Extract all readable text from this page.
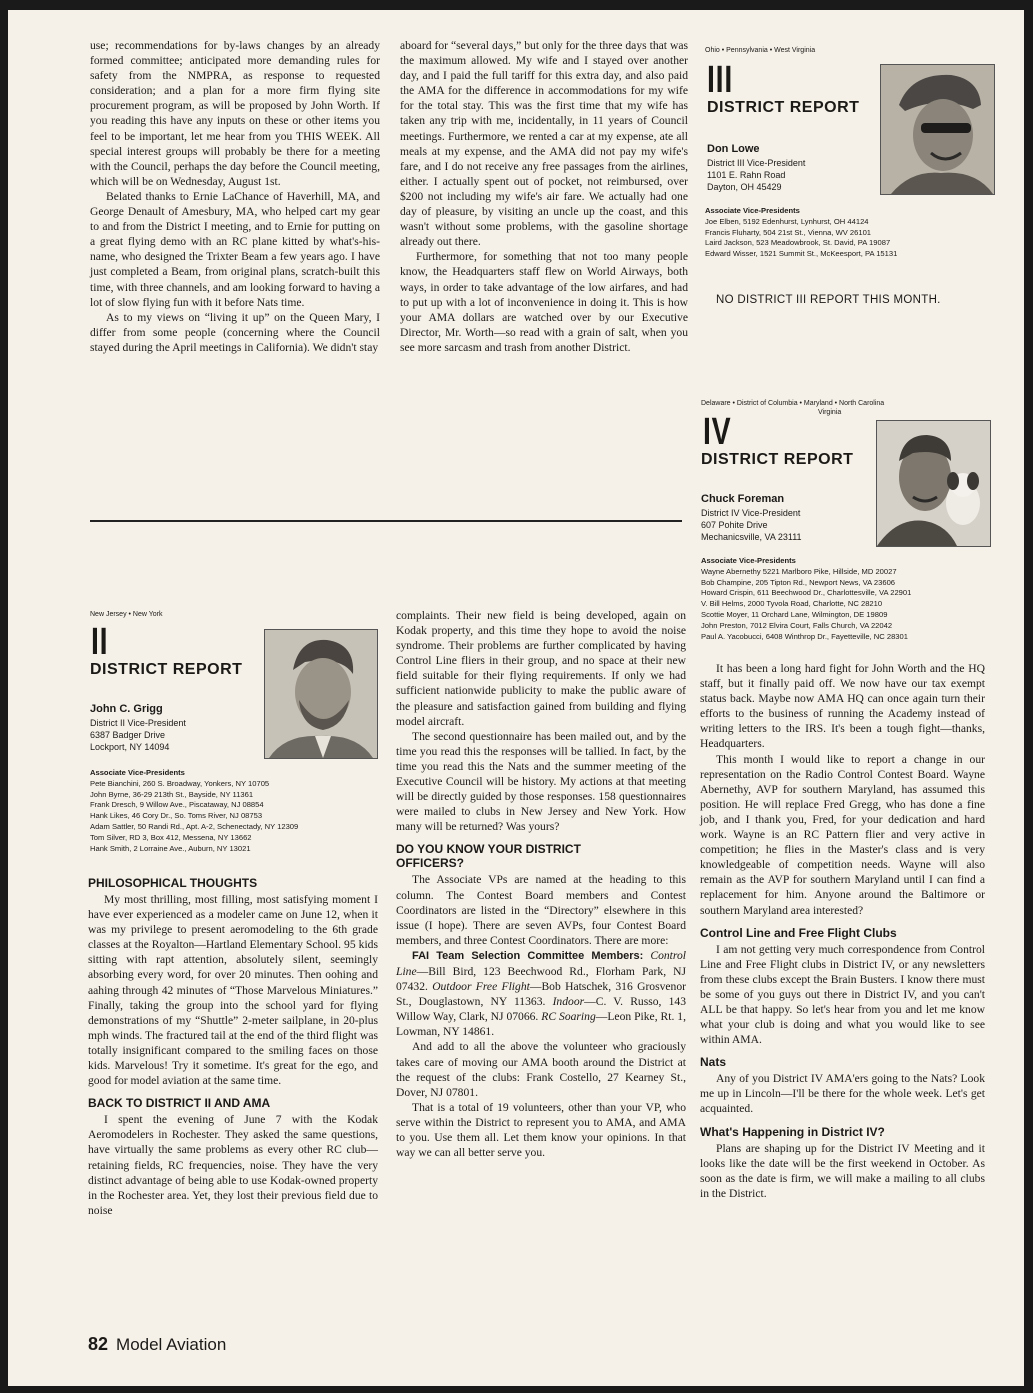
use; recommendations for by-laws changes by an already formed committee; anticipated more demanding rules for safety from the NMPRA, as response to requested consideration; and a plan for a more firm flying site procurement program, as will be proposed by John Worth. If you reading this have any inputs on these or other items you feel to be important, let me hear from you THIS WEEK. All special interest groups will probably be there for a meeting with the Council, perhaps the day before the Council meeting, which will be on Wednesday, August 1st.

Belated thanks to Ernie LaChance of Haverhill, MA, and George Denault of Amesbury, MA, who helped cart my gear to and from the District I meeting, and to Ernie for putting on a great flying demo with an RC plane kitted by what's-his-name, who designed the Trixter Beam a few years ago. I have just completed a Beam, from original plans, scratch-built this time, with three channels, and am looking forward to having a lot of slow flying fun with it before Nats time.

As to my views on “living it up” on the Queen Mary, I differ from some people (concerning where the Council stayed during the April meetings in California). We didn't stay

aboard for “several days,” but only for the three days that was the maximum allowed. My wife and I stayed over another day, and I paid the full tariff for this extra day, and also paid the AMA for the difference in accommodations for my wife for the total stay. This was the first time that my wife has taken any trip with me, incidentally, in 11 years of Council meetings. Furthermore, we rented a car at my expense, ate all meals at my expense, and the AMA did not pay my wife's fare, and I do not receive any free passages from the airlines, either. I actually spent out of pocket, not reimbursed, over $200 not including my wife's air fare. We actually had one day of pleasure, by visiting an uncle up the coast, and this wasn't without some problems, with the gasoline shortage already out there.

Furthermore, for something that not too many people know, the Headquarters staff flew on World Airways, both ways, in order to take advantage of the low airfares, and had to put up with a lot of inconvenience in doing it. This is how your AMA dollars are watched over by our Executive Director, Mr. Worth—so read with a grain of salt, when you see more sarcasm and trash from another District.

Ohio • Pennsylvania • West Virginia
III
DISTRICT REPORT
Don Lowe
District III Vice-President
1101 E. Rahn Road
Dayton, OH 45429
Associate Vice-Presidents
Joe Elben, 5192 Edenhurst, Lynhurst, OH 44124
Francis Fluharty, 504 21st St., Vienna, WV 26101
Laird Jackson, 523 Meadowbrook, St. David, PA 19087
Edward Wisser, 1521 Summit St., McKeesport, PA 15131
NO DISTRICT III REPORT THIS MONTH.
Delaware • District of Columbia • Maryland • North Carolina
Virginia
IV
DISTRICT REPORT
Chuck Foreman
District IV Vice-President
607 Pohite Drive
Mechanicsville, VA 23111
Associate Vice-Presidents
Wayne Abernethy 5221 Marlboro Pike, Hillside, MD 20027
Bob Champine, 205 Tipton Rd., Newport News, VA 23606
Howard Crispin, 611 Beechwood Dr., Charlottesville, VA 22901
V. Bill Helms, 2000 Tyvola Road, Charlotte, NC 28210
Scottie Moyer, 11 Orchard Lane, Wilmington, DE 19809
John Preston, 7012 Elvira Court, Falls Church, VA 22042
Paul A. Yacobucci, 6408 Winthrop Dr., Fayetteville, NC 28301

It has been a long hard fight for John Worth and the HQ staff, but it finally paid off. We now have our tax exempt status back. Maybe now AMA HQ can once again turn their efforts to the business of running the Academy instead of writing letters to the IRS. It's been a tough fight—thanks, Headquarters.

This month I would like to report a change in our representation on the Radio Control Contest Board. Wayne Abernethy, AVP for southern Maryland, has assumed this position. He will replace Fred Gregg, who has done a fine job, and I thank you, Fred, for your dedication and hard work. Wayne is an RC Pattern flier and very active in competition; he flies in the Master's class and is very knowledgeable of competition needs. Wayne will also remain as the AVP for southern Maryland until I can find a replacement for him. Anyone around the Baltimore or southern Maryland area interested?

Control Line and Free Flight Clubs

I am not getting very much correspondence from Control Line and Free Flight clubs in District IV, or any newsletters from these clubs except the Brain Busters. I know there must be some of you guys out there in District IV, and you can't ALL be that happy. So let's hear from you and let me know what your club is doing and what you would like to see within AMA.

Nats

Any of you District IV AMA'ers going to the Nats? Look me up in Lincoln—I'll be there for the whole week. Let's get acquainted.

What's Happening in District IV?

Plans are shaping up for the District IV Meeting and it looks like the date will be the first weekend in October. As soon as the date is firm, we will make a mailing to all clubs in the District.

New Jersey • New York
II
DISTRICT REPORT
John C. Grigg
District II Vice-President
6387 Badger Drive
Lockport, NY 14094
Associate Vice-Presidents
Pete Bianchini, 260 S. Broadway, Yonkers, NY 10705
John Byrne, 36-29 213th St., Bayside, NY 11361
Frank Dresch, 9 Willow Ave., Piscataway, NJ 08854
Hank Likes, 46 Cory Dr., So. Toms River, NJ 08753
Adam Sattler, 50 Randi Rd., Apt. A-2, Schenectady, NY 12309
Tom Silver, RD 3, Box 412, Messena, NY 13662
Hank Smith, 2 Lorraine Ave., Auburn, NY 13021
PHILOSOPHICAL THOUGHTS

My most thrilling, most filling, most satisfying moment I have ever experienced as a modeler came on June 12, when it was my privilege to present aeromodeling to the 6th grade classes at the Royalton—Hartland Elementary School. 95 kids sitting with rapt attention, absolutely silent, seemingly absorbing every word, for over 20 minutes. Then oohing and aahing through 42 minutes of “Those Marvelous Miniatures.” Finally, taking the group into the school yard for flying demonstrations of my “Shuttle” 2-meter sailplane, in 20-plus mph winds. The fractured tail at the end of the third flight was totally insignificant compared to the smiling faces on those kids. Marvelous! Try it sometime. It's great for the ego, and good for model aviation at the same time.

BACK TO DISTRICT II AND AMA

I spent the evening of June 7 with the Kodak Aeromodelers in Rochester. They asked the same questions, have virtually the same problems as every other RC club—retaining fields, RC frequencies, noise. They have the very distinct advantage of being able to use Kodak-owned property in the Rochester area. Yet, they lost their previous field due to noise

complaints. Their new field is being developed, again on Kodak property, and this time they hope to avoid the noise syndrome. Their problems are further complicated by having Control Line fliers in their group, and no space at their new field suitable for their flying requirements. If only we had sufficient nationwide publicity to make the public aware of the pleasure and satisfaction gained from building and flying model aircraft.

The second questionnaire has been mailed out, and by the time you read this the responses will be tallied. In fact, by the time you read this the Nats and the summer meeting of the Executive Council will be history. My actions at that meeting will be directly guided by those responses. 158 questionnaires were mailed to clubs in New Jersey and New York. How many will be returned? Was yours?

DO YOU KNOW YOUR DISTRICT OFFICERS?

The Associate VPs are named at the heading to this column. The Contest Board members and Contest Coordinators are listed in the “Directory” elsewhere in this issue (I hope). There are seven AVPs, four Contest Board members, and three Contest Coordinators. There are more:

FAI Team Selection Committee Members: Control Line—Bill Bird, 123 Beechwood Rd., Florham Park, NJ 07432. Outdoor Free Flight—Bob Hatschek, 316 Grosvenor St., Douglastown, NY 11363. Indoor—C. V. Russo, 143 Willow Way, Clark, NJ 07066. RC Soaring—Leon Pike, Rt. 1, Lowman, NY 14861.

And add to all the above the volunteer who graciously takes care of moving our AMA booth around the District at the request of the clubs: Frank Costello, 27 Kearney St., Dover, NJ 07801.

That is a total of 19 volunteers, other than your VP, who serve within the District to represent you to AMA, and AMA to you. Use them all. Let them know your opinions. In that way we can all better serve you.

82 Model Aviation
